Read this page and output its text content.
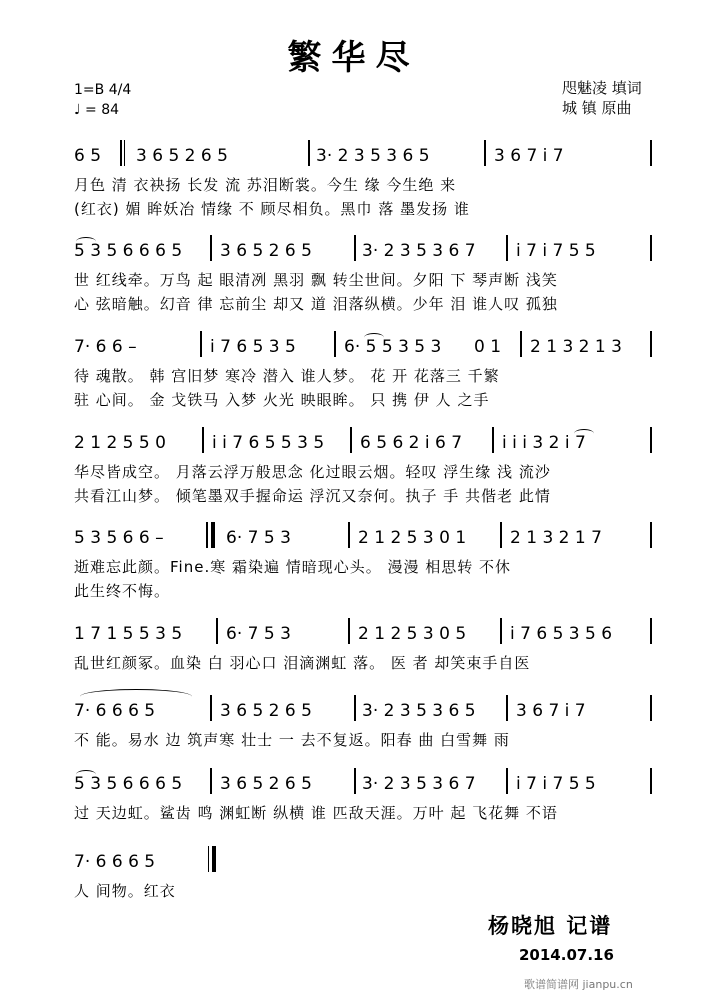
繁华尽
1=B 4/4
♩ = 84
咫魅凌 填词
城 镇 原曲
6 5	3 6 5 2 6 5	3· 2 3 5 3 6 5	3 6 7 i 7
月色 清 衣袂扬 长发 流 苏泪断裳。今生 缘 今生绝 来
(红衣) 媚 眸妖冶 情缘 不 顾尽相负。黑巾 落 墨发扬 谁
5 3 5 6 6 6 5	3 6 5 2 6 5	3· 2 3 5 3 6 7	i 7 i 7 5 5
世 红线牵。万鸟 起 眼清冽 黑羽 飘 转尘世间。夕阳 下 琴声断 浅笑
心 弦暗触。幻音 律 忘前尘 却又 道 泪落纵横。少年 泪 谁人叹 孤独
7· 6 6 –	i 7 6 5 3 5	6· 5 5 3 5 3	0 1	2 1 3 2 1 3
待 魂散。 韩 宫旧梦 寒冷 潜入 谁人梦。 花 开 花落三 千繁
驻 心间。 金 戈铁马 入梦 火光 映眼眸。 只 携 伊 人 之手
2 1 2 5 5 0	i i 7 6 5 5 3 5	6 5 6 2 i 6 7	i i i 3 2 i 7
华尽皆成空。 月落云浮万般思念 化过眼云烟。轻叹 浮生缘 浅 流沙
共看江山梦。 倾笔墨双手握命运 浮沉又奈何。执子 手 共偕老 此情
5 3 5 6 6 –	6· 7 5 3	2 1 2 5 3 0 1	2 1 3 2 1 7
逝难忘此颜。Fine.寒 霜染遍 情暗现心头。 漫漫 相思转 不休
此生终不悔。
1 7 1 5 5 3 5	6· 7 5 3	2 1 2 5 3 0 5	i 7 6 5 3 5 6
乱世红颜冢。血染 白 羽心口 泪滴渊虹 落。 医 者 却笑束手自医
7· 6 6 6 5	3 6 5 2 6 5	3· 2 3 5 3 6 5	3 6 7 i 7
不 能。易水 边 筑声寒 壮士 一 去不复返。阳春 曲 白雪舞 雨
5 3 5 6 6 6 5	3 6 5 2 6 5	3· 2 3 5 3 6 7	i 7 i 7 5 5
过 天边虹。鲨齿 鸣 渊虹断 纵横 谁 匹敌天涯。万叶 起 飞花舞 不语
7· 6 6 6 5
人 间物。红衣
杨晓旭 记谱
2014.07.16
歌谱简谱网 jianpu.cn
